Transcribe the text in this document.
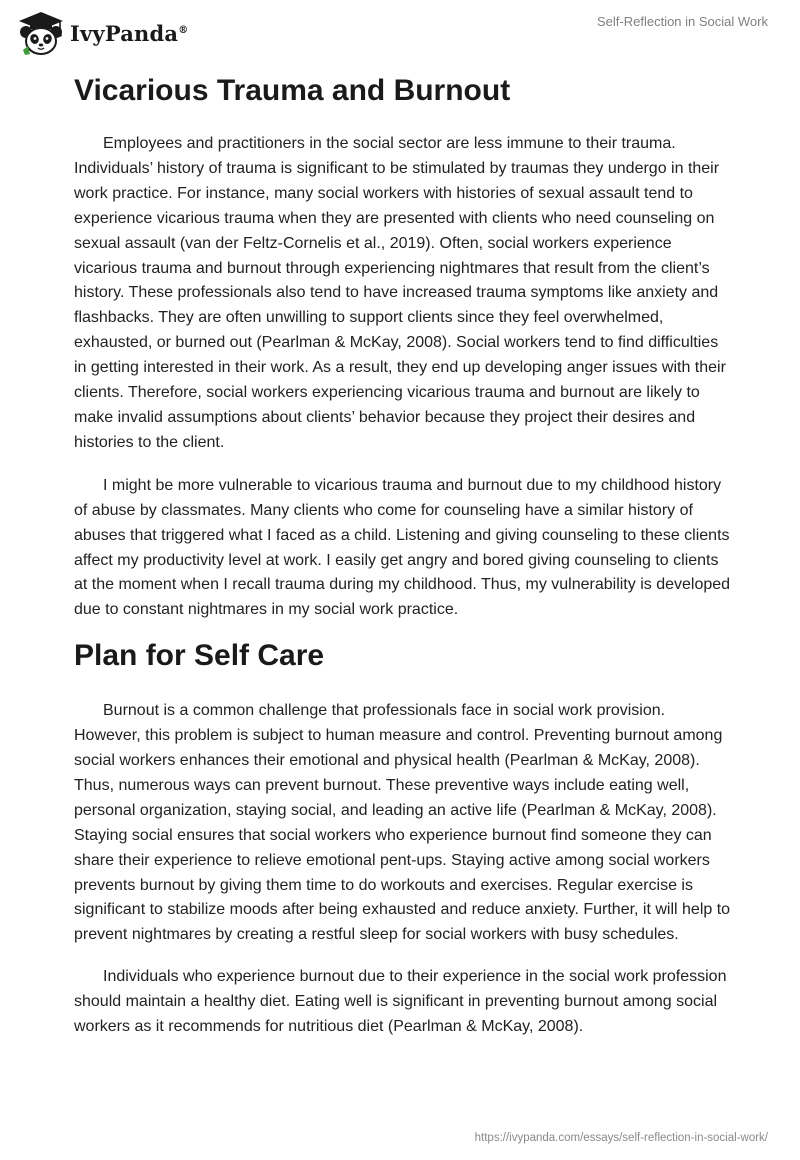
IvyPanda®
Self-Reflection in Social Work
Vicarious Trauma and Burnout

Employees and practitioners in the social sector are less immune to their trauma. Individuals’ history of trauma is significant to be stimulated by traumas they undergo in their work practice. For instance, many social workers with histories of sexual assault tend to experience vicarious trauma when they are presented with clients who need counseling on sexual assault (van der Feltz-Cornelis et al., 2019). Often, social workers experience vicarious trauma and burnout through experiencing nightmares that result from the client’s history. These professionals also tend to have increased trauma symptoms like anxiety and flashbacks. They are often unwilling to support clients since they feel overwhelmed, exhausted, or burned out (Pearlman & McKay, 2008). Social workers tend to find difficulties in getting interested in their work. As a result, they end up developing anger issues with their clients. Therefore, social workers experiencing vicarious trauma and burnout are likely to make invalid assumptions about clients’ behavior because they project their desires and histories to the client.

I might be more vulnerable to vicarious trauma and burnout due to my childhood history of abuse by classmates. Many clients who come for counseling have a similar history of abuses that triggered what I faced as a child. Listening and giving counseling to these clients affect my productivity level at work. I easily get angry and bored giving counseling to clients at the moment when I recall trauma during my childhood. Thus, my vulnerability is developed due to constant nightmares in my social work practice.

Plan for Self Care

Burnout is a common challenge that professionals face in social work provision. However, this problem is subject to human measure and control. Preventing burnout among social workers enhances their emotional and physical health (Pearlman & McKay, 2008). Thus, numerous ways can prevent burnout. These preventive ways include eating well, personal organization, staying social, and leading an active life (Pearlman & McKay, 2008). Staying social ensures that social workers who experience burnout find someone they can share their experience to relieve emotional pent-ups. Staying active among social workers prevents burnout by giving them time to do workouts and exercises. Regular exercise is significant to stabilize moods after being exhausted and reduce anxiety. Further, it will help to prevent nightmares by creating a restful sleep for social workers with busy schedules.

Individuals who experience burnout due to their experience in the social work profession should maintain a healthy diet. Eating well is significant in preventing burnout among social workers as it recommends for nutritious diet (Pearlman & McKay, 2008).

https://ivypanda.com/essays/self-reflection-in-social-work/
